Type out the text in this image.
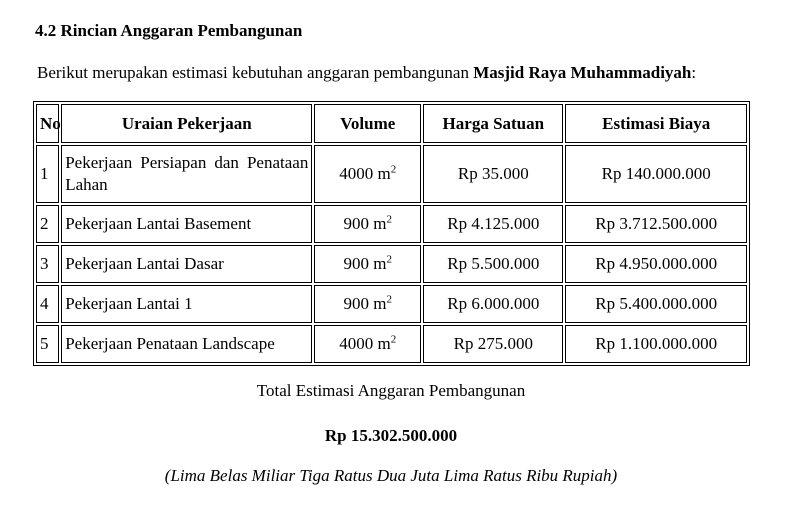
4.2 Rincian Anggaran Pembangunan
Berikut merupakan estimasi kebutuhan anggaran pembangunan Masjid Raya Muhammadiyah:
No	Uraian Pekerjaan	Volume	Harga Satuan	Estimasi Biaya
1	Pekerjaan Persiapan dan Penataan Lahan	4000 $m^2$	Rp 35.000	Rp 140.000.000
2	Pekerjaan Lantai Basement	900 $m^2$	Rp 4.125.000	Rp 3.712.500.000
3	Pekerjaan Lantai Dasar	900 $m^2$	Rp 5.500.000	Rp 4.950.000.000
4	Pekerjaan Lantai 1	900 $m^2$	Rp 6.000.000	Rp 5.400.000.000
5	Pekerjaan Penataan Landscape	4000 $m^2$	Rp 275.000	Rp 1.100.000.000
Total Estimasi Anggaran Pembangunan
Rp 15.302.500.000
(Lima Belas Miliar Tiga Ratus Dua Juta Lima Ratus Ribu Rupiah)
